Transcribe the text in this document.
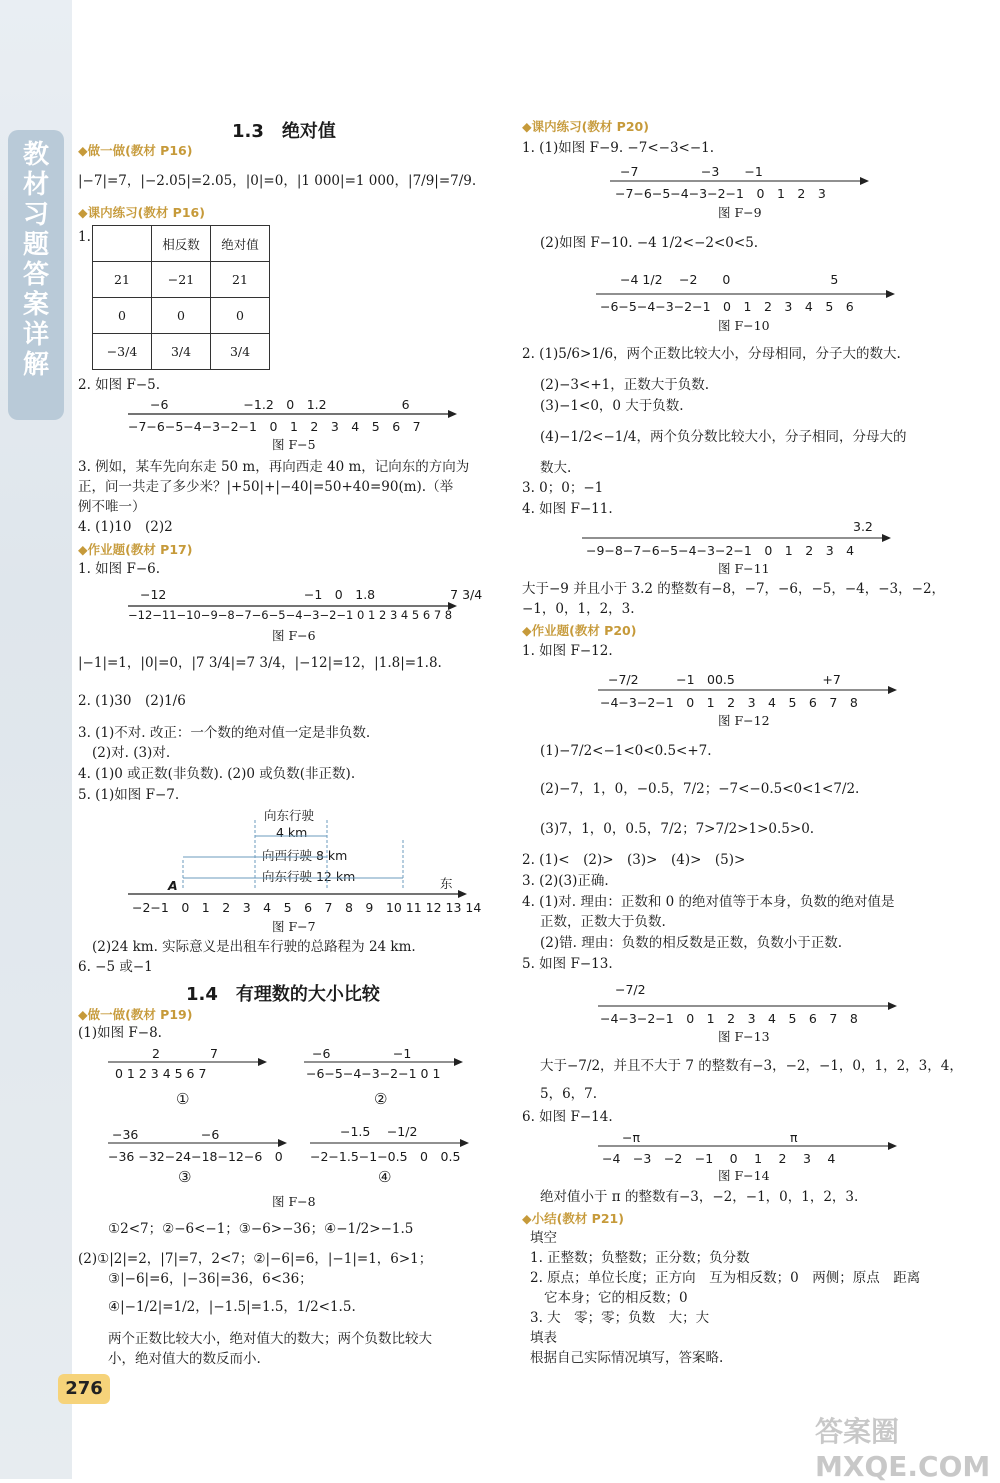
教
材
习
题
答
案
详
解
276
1.3　绝对值
◆做一做(教材 P16)
|−7|=7，|−2.05|=2.05，|0|=0，|1 000|=1 000，|7/9|=7/9.
◆课内练习(教材 P16)
1.
		相反数	绝对值
21	−21	21
0	0	0
−3/4	3/4	3/4
2. 如图 F−5.
−6　　　　　　−1.2　0　1.2　　　　　　6
−7−6−5−4−3−2−1　0　1　2　3　4　5　6　7
图 F−5
3. 例如，某车先向东走 50 m，再向西走 40 m，记向东的方向为
正，问一共走了多少米？|+50|+|−40|=50+40=90(m).（举
例不唯一）
4. (1)10　(2)2
◆作业题(教材 P17)
1. 如图 F−6.
−12　　　　　　　　　　　−1　0　1.8　　　　　　7 3/4
−12−11−10−9−8−7−6−5−4−3−2−1 0 1 2 3 4 5 6 7 8
图 F−6
|−1|=1，|0|=0，|7 3/4|=7 3/4，|−12|=12，|1.8|=1.8.
2. (1)30　(2)1/6
3. (1)不对. 改正：一个数的绝对值一定是非负数.
(2)对. (3)对.
4. (1)0 或正数(非负数). (2)0 或负数(非正数).
5. (1)如图 F−7.
向东行驶
4 km
向西行驶 8 km
向东行驶 12 km
A	东
−2−1　0　1　2　3　4　5　6　7　8　9　10 11 12 13 14
图 F−7
(2)24 km. 实际意义是出租车行驶的总路程为 24 km.
6. −5 或−1
1.4　有理数的大小比较
◆做一做(教材 P19)
(1)如图 F−8.
2　　　　7
0 1 2 3 4 5 6 7
①
−6　　　　　−1
−6−5−4−3−2−1 0 1
②
−36　　　　　−6
−36 −32−24−18−12−6　0
③
−1.5　 −1/2
−2−1.5−1−0.5　0　0.5
④
图 F−8
①2<7；②−6<−1；③−6>−36；④−1/2>−1.5
(2)①|2|=2，|7|=7，2<7；②|−6|=6，|−1|=1，6>1；
③|−6|=6，|−36|=36，6<36；
④|−1/2|=1/2，|−1.5|=1.5，1/2<1.5.
两个正数比较大小，绝对值大的数大；两个负数比较大
小，绝对值大的数反而小.
◆课内练习(教材 P20)
1. (1)如图 F−9. −7<−3<−1.
−7　　　　　−3　　−1
−7−6−5−4−3−2−1　0　1　2　3
图 F−9
(2)如图 F−10. −4 1/2<−2<0<5.
−4 1/2　 −2　　0　　　　　　　　5
−6−5−4−3−2−1　0　1　2　3　4　5　6
图 F−10
2. (1)5/6>1/6，两个正数比较大小，分母相同，分子大的数大.
(2)−3<+1，正数大于负数.
(3)−1<0，0 大于负数.
(4)−1/2<−1/4，两个负分数比较大小，分子相同，分母大的
数大.
3. 0；0；−1
4. 如图 F−11.
3.2
−9−8−7−6−5−4−3−2−1　0　1　2　3　4
图 F−11
大于−9 并且小于 3.2 的整数有−8，−7，−6，−5，−4，−3，−2，
−1，0，1，2，3.
◆作业题(教材 P20)
1. 如图 F−12.
−7/2　　　−1　00.5　　　　　　　+7
−4−3−2−1　0　1　2　3　4　5　6　7　8
图 F−12
(1)−7/2<−1<0<0.5<+7.
(2)−7，1，0，−0.5，7/2；−7<−0.5<0<1<7/2.
(3)7，1，0，0.5，7/2；7>7/2>1>0.5>0.
2. (1)<　(2)>　(3)>　(4)>　(5)>
3. (2)(3)正确.
4. (1)对. 理由：正数和 0 的绝对值等于本身，负数的绝对值是
正数，正数大于负数.
(2)错. 理由：负数的相反数是正数，负数小于正数.
5. 如图 F−13.
−7/2
−4−3−2−1　0　1　2　3　4　5　6　7　8
图 F−13
大于−7/2，并且不大于 7 的整数有−3，−2，−1，0，1，2，3，4，
5，6，7.
6. 如图 F−14.
−π　　　　　　　　　　　　π
−4　−3　−2　−1　 0　 1　 2　 3　 4
图 F−14
绝对值小于 π 的整数有−3，−2，−1，0，1，2，3.
◆小结(教材 P21)
填空
1. 正整数；负整数；正分数；负分数
2. 原点；单位长度；正方向　互为相反数；0　两侧；原点　距离
它本身；它的相反数；0
3. 大　零；零；负数　大；大
填表
根据自己实际情况填写，答案略.
答案圈 MXQE.COM
